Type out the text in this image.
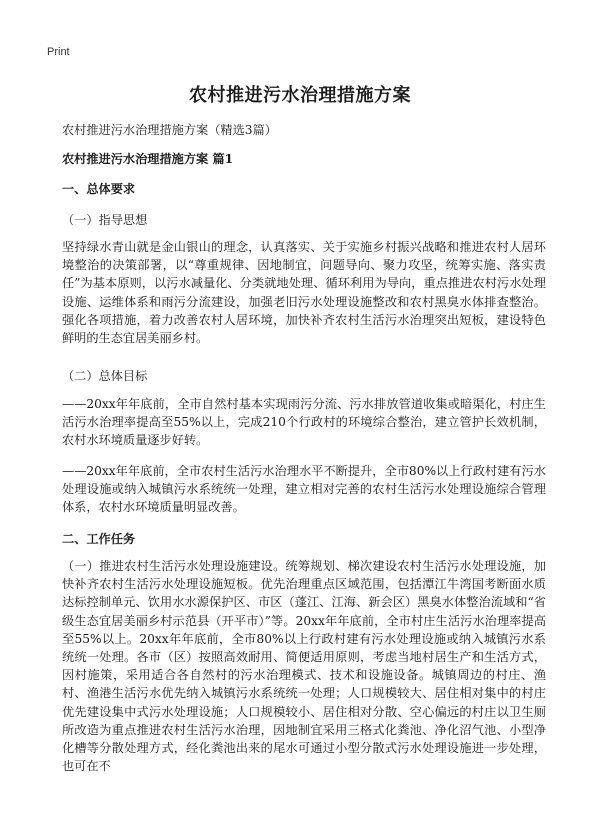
Print
农村推进污水治理措施方案
农村推进污水治理措施方案（精选3篇）
农村推进污水治理措施方案 篇1
一、总体要求
（一）指导思想
坚持绿水青山就是金山银山的理念，认真落实、关于实施乡村振兴战略和推进农村人居环境整治的决策部署，以“尊重规律、因地制宜，问题导向、聚力攻坚，统筹实施、落实责任”为基本原则，以污水减量化、分类就地处理、循环利用为导向，重点推进农村污水处理设施、运维体系和雨污分流建设，加强老旧污水处理设施整改和农村黑臭水体排查整治。强化各项措施，着力改善农村人居环境，加快补齐农村生活污水治理突出短板，建设特色鲜明的生态宜居美丽乡村。
（二）总体目标
——20xx年年底前，全市自然村基本实现雨污分流、污水排放管道收集或暗渠化，村庄生活污水治理率提高至55%以上，完成210个行政村的环境综合整治，建立管护长效机制，农村水环境质量逐步好转。
——20xx年年底前，全市农村生活污水治理水平不断提升，全市80%以上行政村建有污水处理设施或纳入城镇污水系统统一处理，建立相对完善的农村生活污水处理设施综合管理体系，农村水环境质量明显改善。
二、工作任务
（一）推进农村生活污水处理设施建设。统筹规划、梯次建设农村生活污水处理设施，加快补齐农村生活污水处理设施短板。优先治理重点区域范围，包括潭江牛湾国考断面水质达标控制单元、饮用水水源保护区、市区（蓬江、江海、新会区）黑臭水体整治流域和“省级生态宜居美丽乡村示范县（开平市）”等。20xx年年底前，全市村庄生活污水治理率提高至55%以上。20xx年年底前，全市80%以上行政村建有污水处理设施或纳入城镇污水系统统一处理。各市（区）按照高效耐用、简便适用原则，考虑当地村居生产和生活方式，因村施策，采用适合各自然村的污水治理模式、技术和设施设备。城镇周边的村庄、渔村、渔港生活污水优先纳入城镇污水系统统一处理；人口规模较大、居住相对集中的村庄优先建设集中式污水处理设施；人口规模较小、居住相对分散、空心偏远的村庄以卫生厕所改造为重点推进农村生活污水治理，因地制宜采用三格式化粪池、净化沼气池、小型净化槽等分散处理方式，经化粪池出来的尾水可通过小型分散式污水处理设施进一步处理，也可在不
